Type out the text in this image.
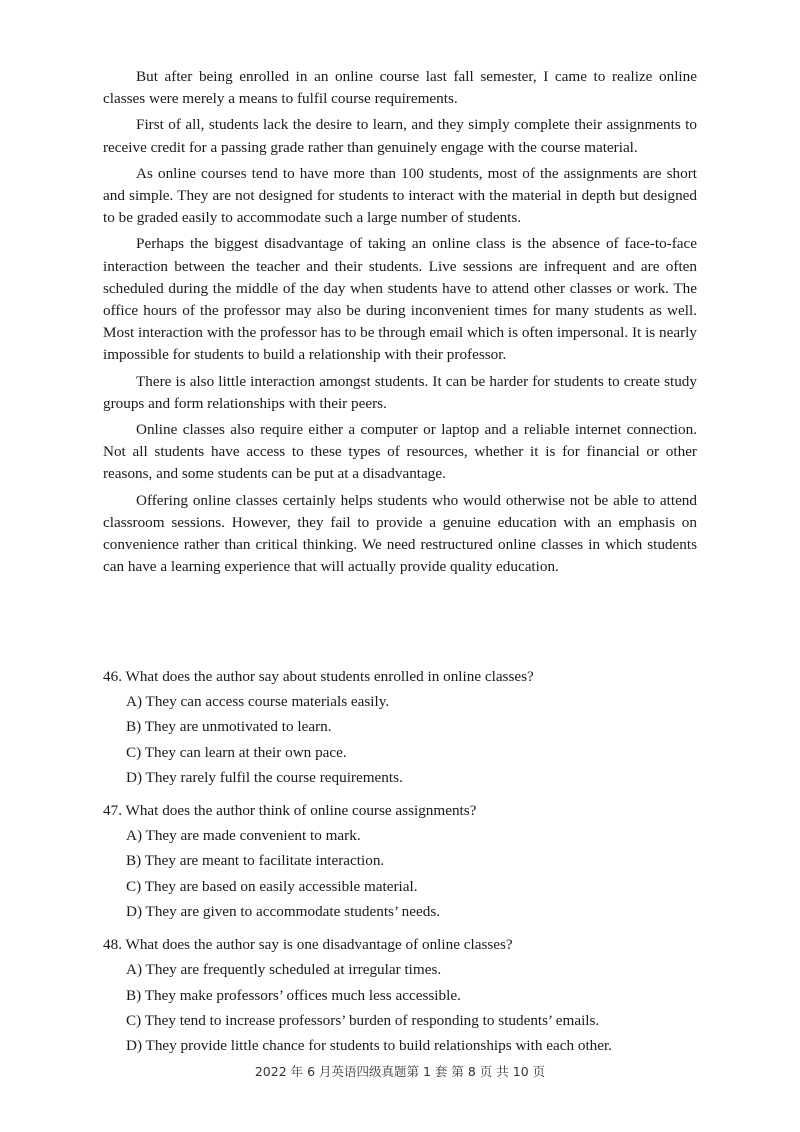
But after being enrolled in an online course last fall semester, I came to realize online classes were merely a means to fulfil course requirements.

First of all, students lack the desire to learn, and they simply complete their assignments to receive credit for a passing grade rather than genuinely engage with the course material.

As online courses tend to have more than 100 students, most of the assignments are short and simple. They are not designed for students to interact with the material in depth but designed to be graded easily to accommodate such a large number of students.

Perhaps the biggest disadvantage of taking an online class is the absence of face-to-face interaction between the teacher and their students. Live sessions are infrequent and are often scheduled during the middle of the day when students have to attend other classes or work. The office hours of the professor may also be during inconvenient times for many students as well. Most interaction with the professor has to be through email which is often impersonal. It is nearly impossible for students to build a relationship with their professor.

There is also little interaction amongst students. It can be harder for students to create study groups and form relationships with their peers.

Online classes also require either a computer or laptop and a reliable internet connection. Not all students have access to these types of resources, whether it is for financial or other reasons, and some students can be put at a disadvantage.

Offering online classes certainly helps students who would otherwise not be able to attend classroom sessions. However, they fail to provide a genuine education with an emphasis on convenience rather than critical thinking. We need restructured online classes in which students can have a learning experience that will actually provide quality education.

46. What does the author say about students enrolled in online classes?

A) They can access course materials easily.

B) They are unmotivated to learn.

C) They can learn at their own pace.

D) They rarely fulfil the course requirements.

47. What does the author think of online course assignments?

A) They are made convenient to mark.

B) They are meant to facilitate interaction.

C) They are based on easily accessible material.

D) They are given to accommodate students’ needs.

48. What does the author say is one disadvantage of online classes?

A) They are frequently scheduled at irregular times.

B) They make professors’ offices much less accessible.

C) They tend to increase professors’ burden of responding to students’ emails.

D) They provide little chance for students to build relationships with each other.

2022 年 6 月英语四级真题第 1 套 第 8 页 共 10 页
